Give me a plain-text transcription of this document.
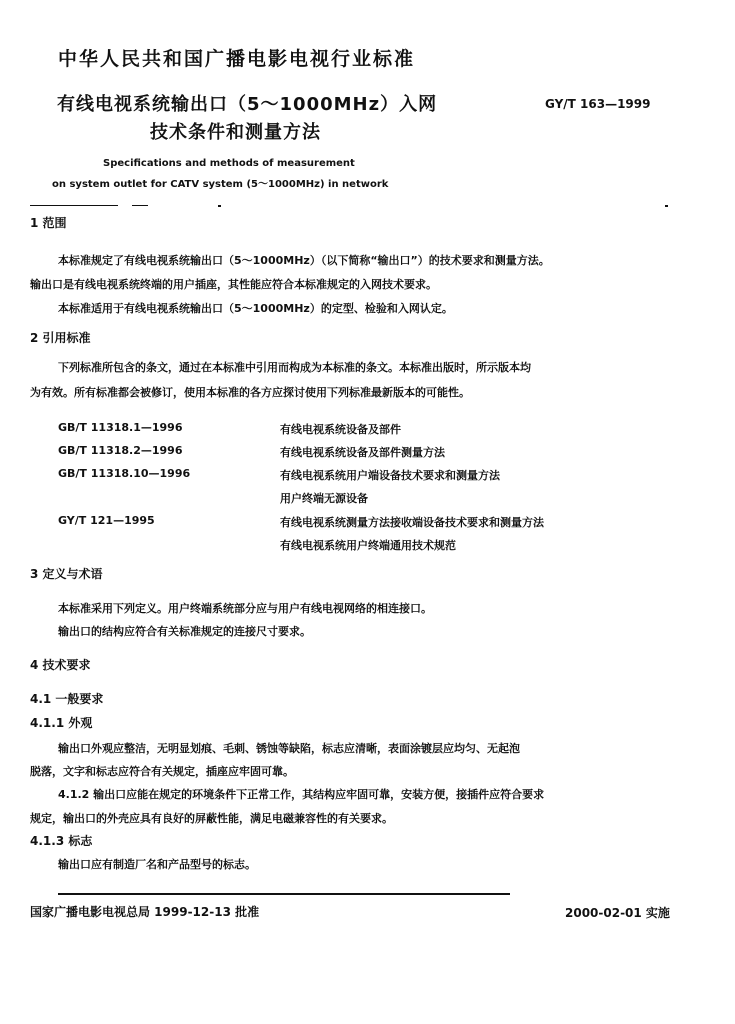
中华人民共和国广播电影电视行业标准
有线电视系统输出口（5～1000MHz）入网
技术条件和测量方法
GY/T 163—1999
Specifications and methods of measurement
on system outlet for CATV system (5～1000MHz) in network
1 范围
本标准规定了有线电视系统输出口（5～1000MHz）（以下简称“输出口”）的技术要求和测量方法。
输出口是有线电视系统终端的用户插座，其性能应符合本标准规定的入网技术要求。
本标准适用于有线电视系统输出口（5～1000MHz）的定型、检验和入网认定。
2 引用标准
下列标准所包含的条文，通过在本标准中引用而构成为本标准的条文。本标准出版时，所示版本均
为有效。所有标准都会被修订，使用本标准的各方应探讨使用下列标准最新版本的可能性。
GB/T 11318.1—1996	有线电视系统设备及部件
GB/T 11318.2—1996	有线电视系统设备及部件测量方法
GB/T 11318.10—1996	有线电视系统用户端设备技术要求和测量方法
用户终端无源设备
GY/T 121—1995	有线电视系统测量方法接收端设备技术要求和测量方法
有线电视系统用户终端通用技术规范
3 定义与术语
本标准采用下列定义。用户终端系统部分应与用户有线电视网络的相连接口。
输出口的结构应符合有关标准规定的连接尺寸要求。
4 技术要求
4.1 一般要求
4.1.1 外观
输出口外观应整洁，无明显划痕、毛刺、锈蚀等缺陷，标志应清晰，表面涂镀层应均匀、无起泡
脱落，文字和标志应符合有关规定，插座应牢固可靠。
4.1.2 输出口应能在规定的环境条件下正常工作，其结构应牢固可靠，安装方便，接插件应符合要求
规定，输出口的外壳应具有良好的屏蔽性能，满足电磁兼容性的有关要求。
4.1.3 标志
输出口应有制造厂名和产品型号的标志。
国家广播电影电视总局 1999-12-13 批准	2000-02-01 实施
